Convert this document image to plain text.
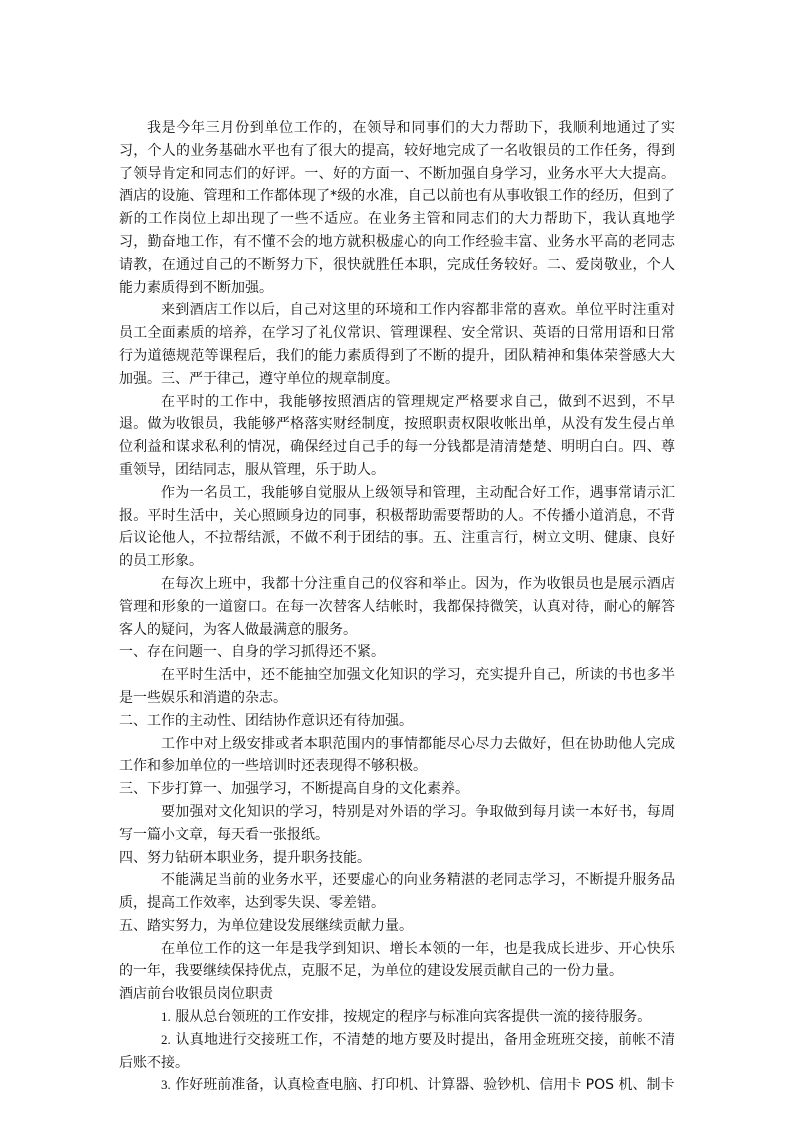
我是今年三月份到单位工作的，在领导和同事们的大力帮助下，我顺利地通过了实习，个人的业务基础水平也有了很大的提高，较好地完成了一名收银员的工作任务，得到了领导肯定和同志们的好评。一、好的方面一、不断加强自身学习，业务水平大大提高。酒店的设施、管理和工作都体现了*级的水准，自己以前也有从事收银工作的经历，但到了新的工作岗位上却出现了一些不适应。在业务主管和同志们的大力帮助下，我认真地学习，勤奋地工作，有不懂不会的地方就积极虚心的向工作经验丰富、业务水平高的老同志请教，在通过自己的不断努力下，很快就胜任本职，完成任务较好。二、爱岗敬业，个人能力素质得到不断加强。

来到酒店工作以后，自己对这里的环境和工作内容都非常的喜欢。单位平时注重对员工全面素质的培养，在学习了礼仪常识、管理课程、安全常识、英语的日常用语和日常行为道德规范等课程后，我们的能力素质得到了不断的提升，团队精神和集体荣誉感大大加强。三、严于律己，遵守单位的规章制度。

在平时的工作中，我能够按照酒店的管理规定严格要求自己，做到不迟到，不早退。做为收银员，我能够严格落实财经制度，按照职责权限收帐出单，从没有发生侵占单位利益和谋求私利的情况，确保经过自己手的每一分钱都是清清楚楚、明明白白。四、尊重领导，团结同志，服从管理，乐于助人。

作为一名员工，我能够自觉服从上级领导和管理，主动配合好工作，遇事常请示汇报。平时生活中，关心照顾身边的同事，积极帮助需要帮助的人。不传播小道消息，不背后议论他人，不拉帮结派，不做不利于团结的事。五、注重言行，树立文明、健康、良好的员工形象。

在每次上班中，我都十分注重自己的仪容和举止。因为，作为收银员也是展示酒店管理和形象的一道窗口。在每一次替客人结帐时，我都保持微笑，认真对待，耐心的解答客人的疑问，为客人做最满意的服务。

一、存在问题一、自身的学习抓得还不紧。

在平时生活中，还不能抽空加强文化知识的学习，充实提升自己，所读的书也多半是一些娱乐和消遣的杂志。

二、工作的主动性、团结协作意识还有待加强。

工作中对上级安排或者本职范围内的事情都能尽心尽力去做好，但在协助他人完成工作和参加单位的一些培训时还表现得不够积极。

三、下步打算一、加强学习，不断提高自身的文化素养。

要加强对文化知识的学习，特别是对外语的学习。争取做到每月读一本好书，每周写一篇小文章，每天看一张报纸。

四、努力钻研本职业务，提升职务技能。

不能满足当前的业务水平，还要虚心的向业务精湛的老同志学习，不断提升服务品质，提高工作效率，达到零失误、零差错。

五、踏实努力，为单位建设发展继续贡献力量。

在单位工作的这一年是我学到知识、增长本领的一年，也是我成长进步、开心快乐的一年，我要继续保持优点，克服不足，为单位的建设发展贡献自己的一份力量。

酒店前台收银员岗位职责

1. 服从总台领班的工作安排，按规定的程序与标准向宾客提供一流的接待服务。

2. 认真地进行交接班工作，不清楚的地方要及时提出，备用金班班交接，前帐不清后账不接。

3. 作好班前准备，认真检查电脑、打印机、计算器、验钞机、信用卡 POS 机、制卡
